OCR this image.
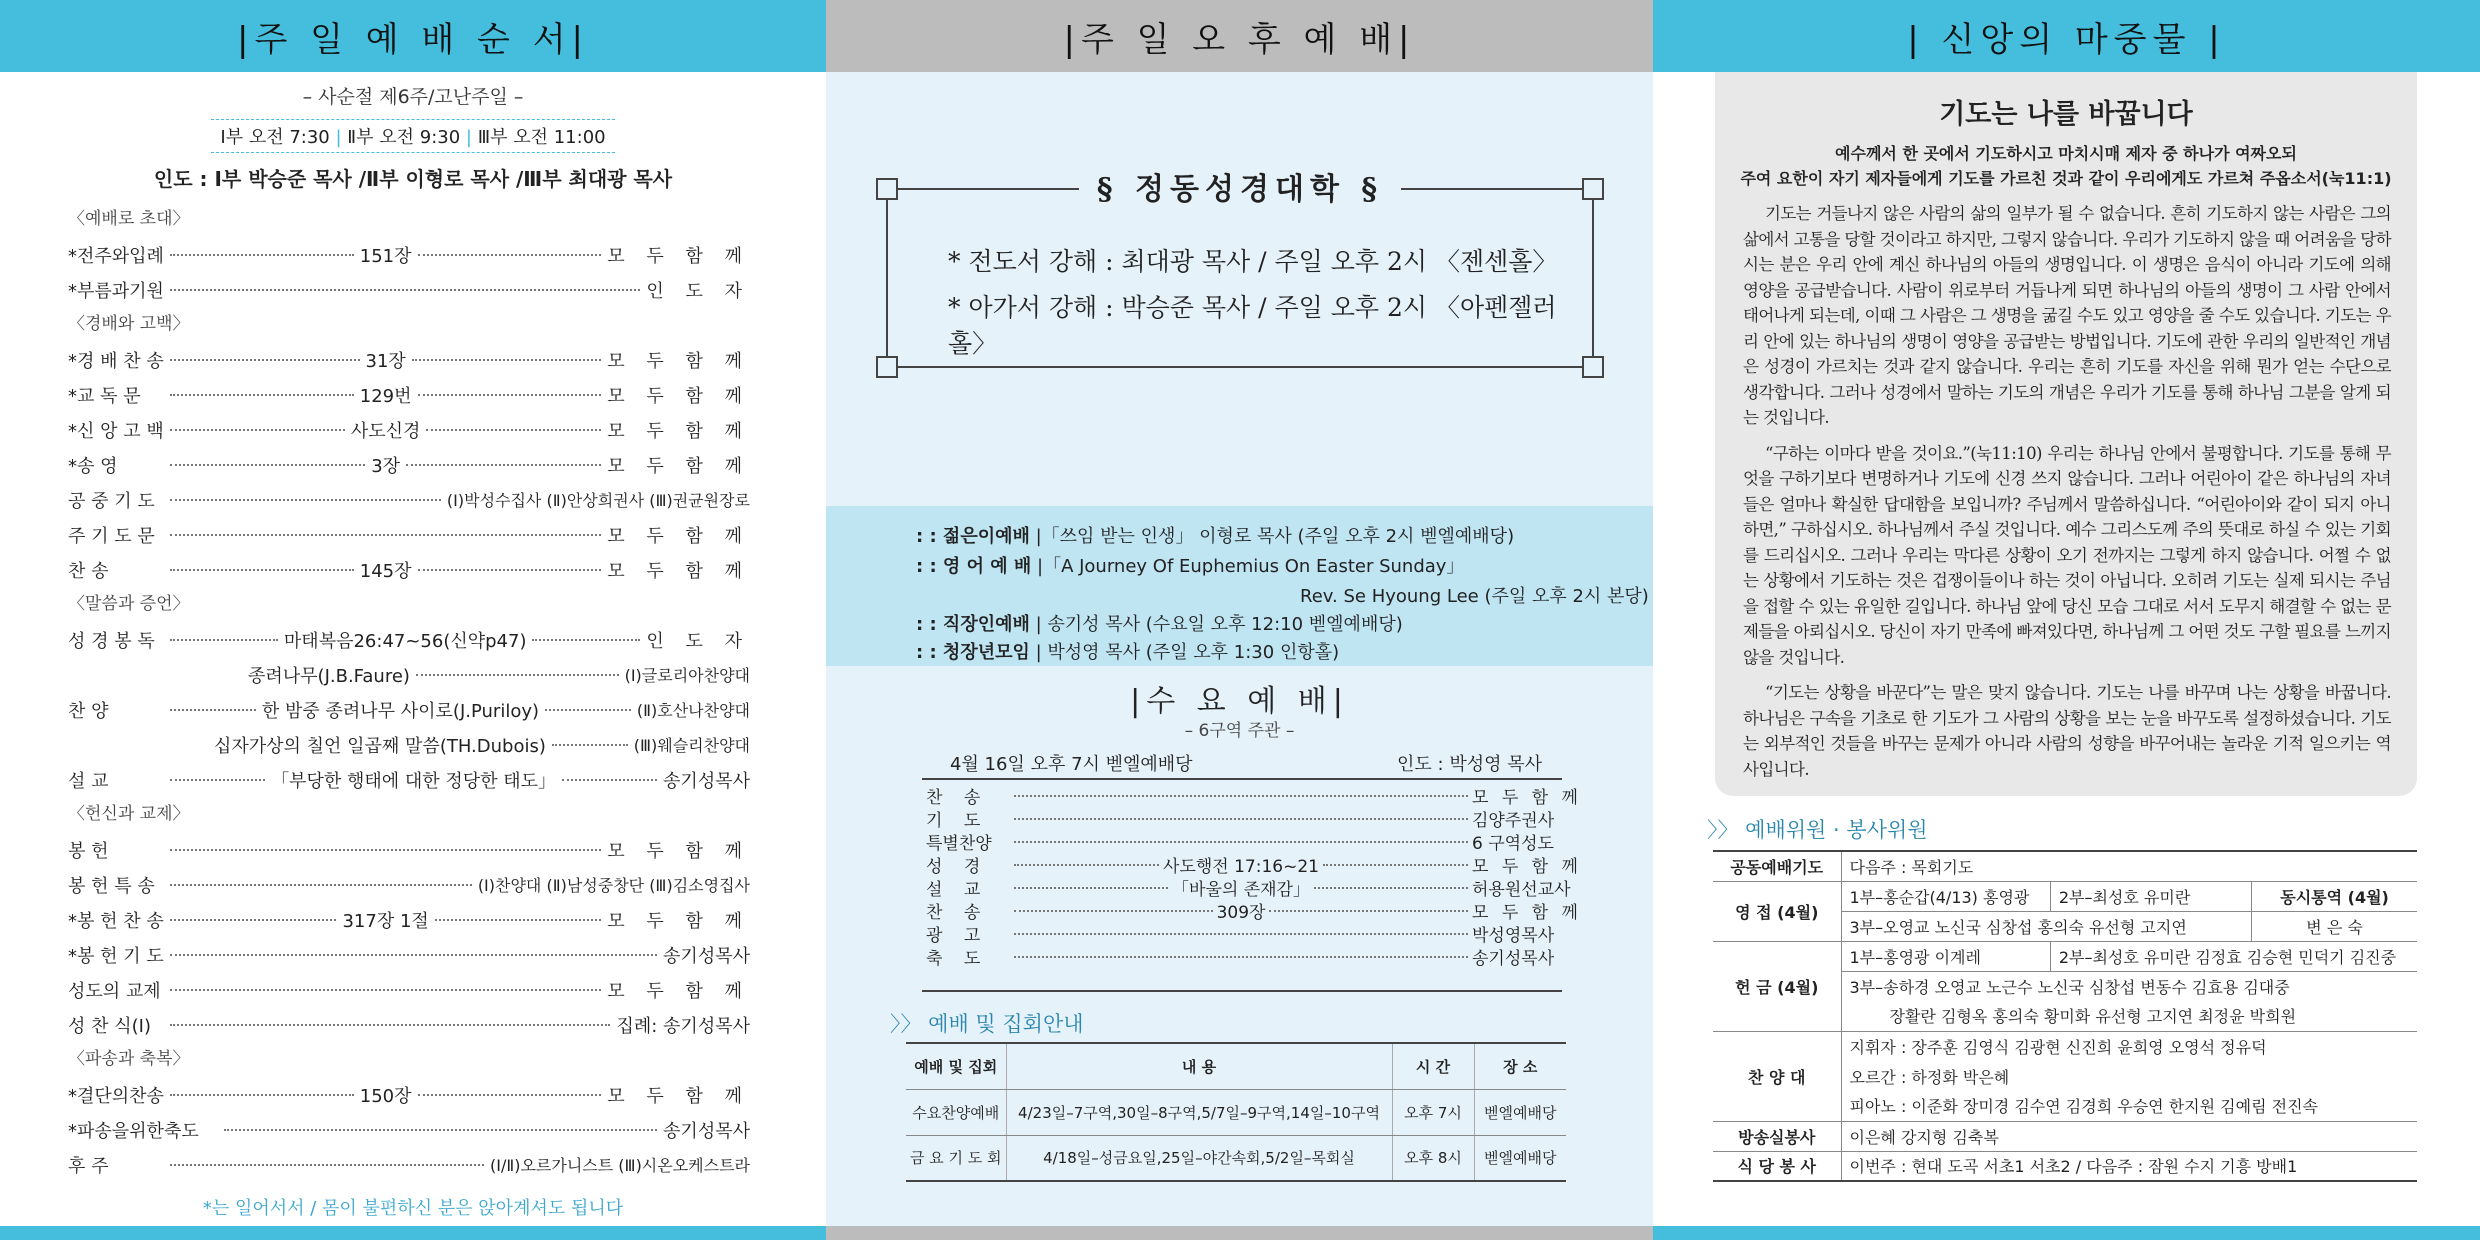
|주 일 예 배 순 서|
– 사순절 제6주/고난주일 –
Ⅰ부 오전 7:30 | Ⅱ부 오전 9:30 | Ⅲ부 오전 11:00
인도 : Ⅰ부 박승준 목사 /Ⅱ부 이형로 목사 /Ⅲ부 최대광 목사
〈예배로 초대〉
*전주와입례	151장	모 두 함 께
*부름과기원	인 도 자
〈경배와 고백〉
*경 배 찬 송	31장	모 두 함 께
*교 독 문	129번	모 두 함 께
*신 앙 고 백	사도신경	모 두 함 께
*송 영	3장	모 두 함 께
공 중 기 도	(Ⅰ)박성수집사 (Ⅱ)안상희권사 (Ⅲ)권균원장로
주 기 도 문	모 두 함 께
찬 송	145장	모 두 함 께
〈말씀과 증언〉
성 경 봉 독	마태복음26:47~56(신약p47)	인 도 자
종려나무(J.B.Faure)	(Ⅰ)글로리아찬양대
찬 양	한 밤중 종려나무 사이로(J.Puriloy)	(Ⅱ)호산나찬양대
십자가상의 칠언 일곱째 말씀(TH.Dubois)	(Ⅲ)웨슬리찬양대
설 교	「부당한 행태에 대한 정당한 태도」	송기성목사
〈헌신과 교제〉
봉 헌	모 두 함 께
봉 헌 특 송	(Ⅰ)찬양대 (Ⅱ)남성중창단 (Ⅲ)김소영집사
*봉 헌 찬 송	317장 1절	모 두 함 께
*봉 헌 기 도	송기성목사
성도의 교제	모 두 함 께
성 찬 식(Ⅰ)	집례: 송기성목사
〈파송과 축복〉
*결단의찬송	150장	모 두 함 께
*파송을위한축도	송기성목사
후 주	(Ⅰ/Ⅱ)오르가니스트 (Ⅲ)시온오케스트라
*는 일어서서 / 몸이 불편하신 분은 앉아계셔도 됩니다
|주 일 오 후 예 배|
§ 정동성경대학 §
* 전도서 강해 : 최대광 목사 / 주일 오후 2시 〈젠센홀〉
* 아가서 강해 : 박승준 목사 / 주일 오후 2시 〈아펜젤러홀〉
: : 젊은이예배 |「쓰임 받는 인생」 이형로 목사 (주일 오후 2시 벧엘예배당)
: : 영 어 예 배 |「A Journey Of Euphemius On Easter Sunday」
Rev. Se Hyoung Lee (주일 오후 2시 본당)
: : 직장인예배 | 송기성 목사 (수요일 오후 12:10 벧엘예배당)
: : 청장년모임 | 박성영 목사 (주일 오후 1:30 인항홀)
|수 요 예 배|
– 6구역 주관 –
4월 16일 오후 7시 벧엘예배당	인도 : 박성영 목사
찬 송	모 두 함 께
기 도	김양주권사
특별찬양	6 구역성도
성 경	사도행전 17:16~21	모 두 함 께
설 교	「바울의 존재감」	허용원선교사
찬 송	309장	모 두 함 께
광 고	박성영목사
축 도	송기성목사
〉〉 예배 및 집회안내
예배 및 집회	내 용	시 간	장 소
수요찬양예배	4/23일–7구역,30일–8구역,5/7일–9구역,14일–10구역	오후 7시	벧엘예배당
금 요 기 도 회	4/18일–성금요일,25일–야간속회,5/2일–목회실	오후 8시	벧엘예배당
| 신앙의 마중물 |
기도는 나를 바꿉니다
예수께서 한 곳에서 기도하시고 마치시매 제자 중 하나가 여짜오되
주여 요한이 자기 제자들에게 기도를 가르친 것과 같이 우리에게도 가르쳐 주옵소서(눅11:1)

기도는 거들나지 않은 사람의 삶의 일부가 될 수 없습니다. 흔히 기도하지 않는 사람은 그의 삶에서 고통을 당할 것이라고 하지만, 그렇지 않습니다. 우리가 기도하지 않을 때 어려움을 당하시는 분은 우리 안에 계신 하나님의 아들의 생명입니다. 이 생명은 음식이 아니라 기도에 의해 영양을 공급받습니다. 사람이 위로부터 거듭나게 되면 하나님의 아들의 생명이 그 사람 안에서 태어나게 되는데, 이때 그 사람은 그 생명을 굶길 수도 있고 영양을 줄 수도 있습니다. 기도는 우리 안에 있는 하나님의 생명이 영양을 공급받는 방법입니다. 기도에 관한 우리의 일반적인 개념은 성경이 가르치는 것과 같지 않습니다. 우리는 흔히 기도를 자신을 위해 뭔가 얻는 수단으로 생각합니다. 그러나 성경에서 말하는 기도의 개념은 우리가 기도를 통해 하나님 그분을 알게 되는 것입니다.

“구하는 이마다 받을 것이요.”(눅11:10) 우리는 하나님 안에서 불평합니다. 기도를 통해 무엇을 구하기보다 변명하거나 기도에 신경 쓰지 않습니다. 그러나 어린아이 같은 하나님의 자녀들은 얼마나 확실한 답대함을 보입니까? 주님께서 말씀하십니다. “어린아이와 같이 되지 아니하면,” 구하십시오. 하나님께서 주실 것입니다. 예수 그리스도께 주의 뜻대로 하실 수 있는 기회를 드리십시오. 그러나 우리는 막다른 상황이 오기 전까지는 그렇게 하지 않습니다. 어쩔 수 없는 상황에서 기도하는 것은 겁쟁이들이나 하는 것이 아닙니다. 오히려 기도는 실제 되시는 주님을 접할 수 있는 유일한 길입니다. 하나님 앞에 당신 모습 그대로 서서 도무지 해결할 수 없는 문제들을 아뢰십시오. 당신이 자기 만족에 빠져있다면, 하나님께 그 어떤 것도 구할 필요를 느끼지 않을 것입니다.

“기도는 상황을 바꾼다”는 말은 맞지 않습니다. 기도는 나를 바꾸며 나는 상황을 바꿉니다. 하나님은 구속을 기초로 한 기도가 그 사람의 상황을 보는 눈을 바꾸도록 설정하셨습니다. 기도는 외부적인 것들을 바꾸는 문제가 아니라 사람의 성향을 바꾸어내는 놀라운 기적 일으키는 역사입니다.

〉〉 예배위원 · 봉사위원
공동예배기도	다음주 : 목회기도		
영 접 (4월)	1부–홍순갑(4/13) 홍영광	2부–최성호 유미란	동시통역 (4월)
	3부–오영교 노신국 심창섭 홍의숙 유선형 고지연		변 은 숙
헌 금 (4월)	1부–홍영광 이계레	2부–최성호 유미란 김정효 김승현 민덕기 김진중	
	3부–송하경 오영교 노근수 노신국 심창섭 변동수 김효용 김대중		
	장활란 김형옥 홍의숙 황미화 유선형 고지연 최정윤 박희원		
찬 양 대	지휘자 : 장주훈 김영식 김광현 신진희 윤희영 오영석 정유덕		
	오르간 : 하정화 박은혜		
	피아노 : 이준화 장미경 김수연 김경희 우승연 한지원 김예림 전진속		
방송실봉사	이은혜 강지형 김축복		
식 당 봉 사	이번주 : 현대 도곡 서초1 서초2 / 다음주 : 잠원 수지 기흥 방배1		
